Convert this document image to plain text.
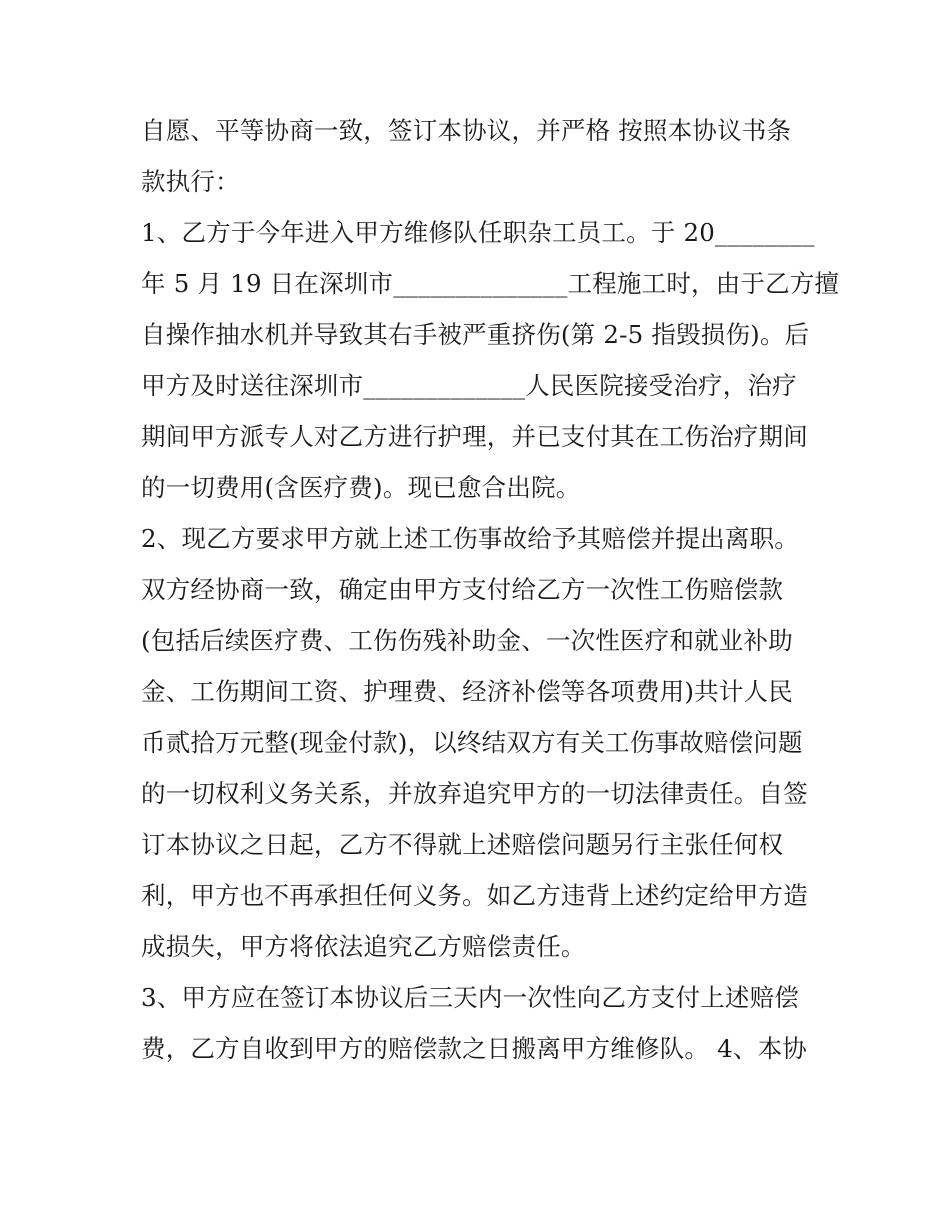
自愿、平等协商一致，签订本协议，并严格 按照本协议书条
款执行：
1、乙方于今年进入甲方维修队任职杂工员工。于 20________
年 5 月 19 日在深圳市______________工程施工时，由于乙方擅
自操作抽水机并导致其右手被严重挤伤(第 2-5 指毁损伤)。后
甲方及时送往深圳市_____________人民医院接受治疗，治疗
期间甲方派专人对乙方进行护理，并已支付其在工伤治疗期间
的一切费用(含医疗费)。现已愈合出院。
2、现乙方要求甲方就上述工伤事故给予其赔偿并提出离职。
双方经协商一致，确定由甲方支付给乙方一次性工伤赔偿款
(包括后续医疗费、工伤伤残补助金、一次性医疗和就业补助
金、工伤期间工资、护理费、经济补偿等各项费用)共计人民
币贰拾万元整(现金付款)，以终结双方有关工伤事故赔偿问题
的一切权利义务关系，并放弃追究甲方的一切法律责任。自签
订本协议之日起，乙方不得就上述赔偿问题另行主张任何权
利，甲方也不再承担任何义务。如乙方违背上述约定给甲方造
成损失，甲方将依法追究乙方赔偿责任。
3、甲方应在签订本协议后三天内一次性向乙方支付上述赔偿
费，乙方自收到甲方的赔偿款之日搬离甲方维修队。 4、本协
